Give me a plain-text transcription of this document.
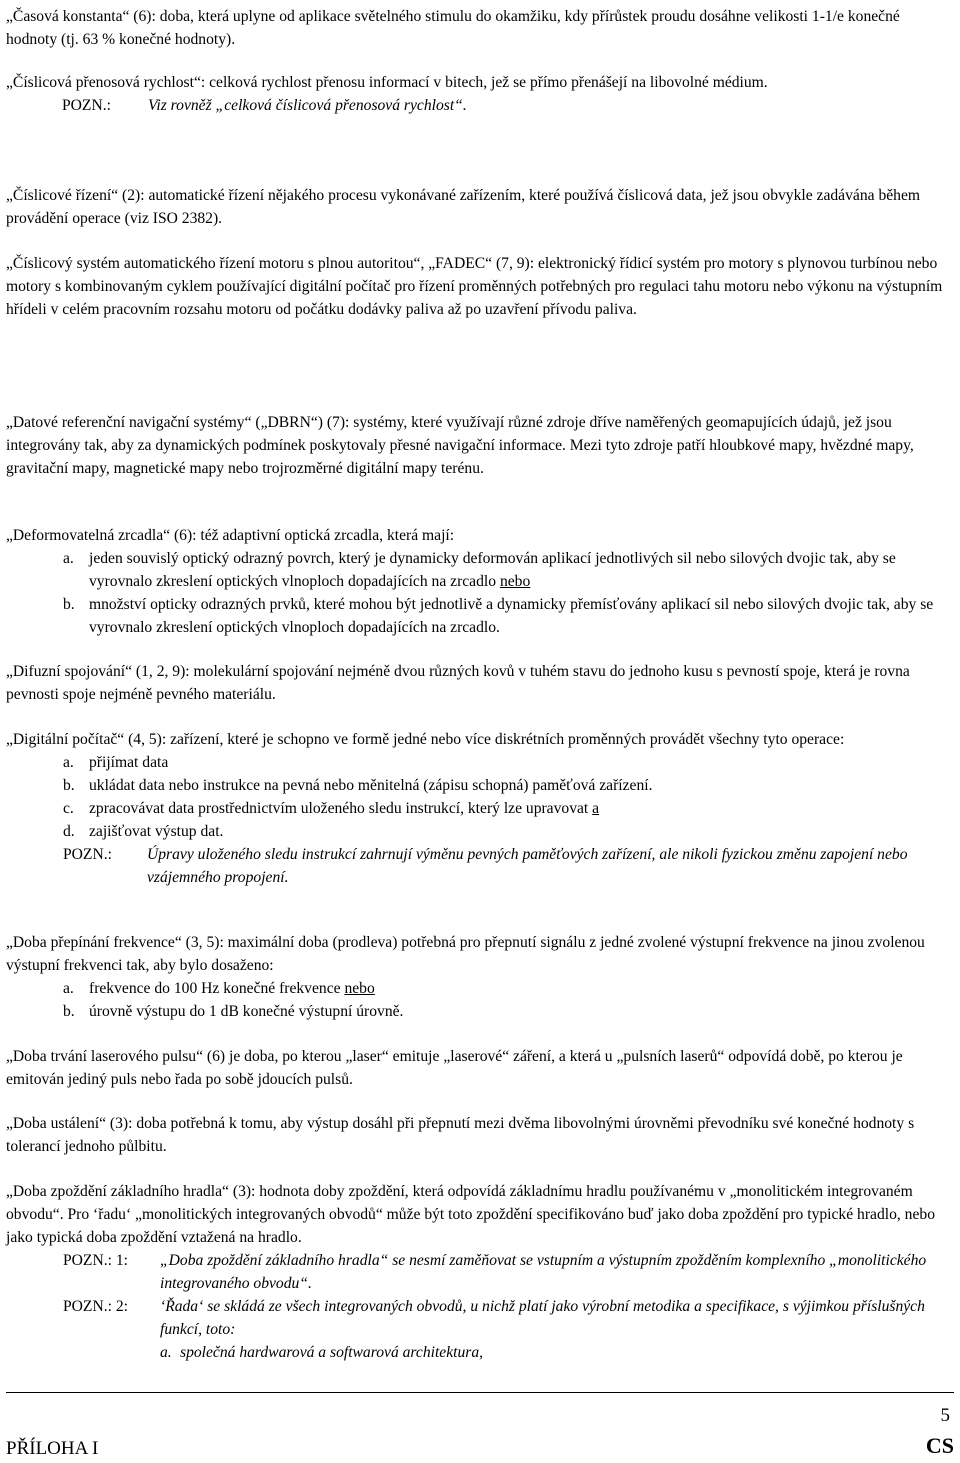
„Časová konstanta“ (6): doba, která uplyne od aplikace světelného stimulu do okamžiku, kdy přírůstek proudu dosáhne velikosti 1-1/e konečné hodnoty (tj. 63 % konečné hodnoty).

„Číslicová přenosová rychlost“: celková rychlost přenosu informací v bitech, jež se přímo přenášejí na libovolné médium.

POZN.:	Viz rovněž „celková číslicová přenosová rychlost“.

„Číslicové řízení“ (2): automatické řízení nějakého procesu vykonávané zařízením, které používá číslicová data, jež jsou obvykle zadávána během provádění operace (viz ISO 2382).

„Číslicový systém automatického řízení motoru s plnou autoritou“, „FADEC“ (7, 9): elektronický řídicí systém pro motory s plynovou turbínou nebo motory s kombinovaným cyklem používající digitální počítač pro řízení proměnných potřebných pro regulaci tahu motoru nebo výkonu na výstupním hřídeli v celém pracovním rozsahu motoru od počátku dodávky paliva až po uzavření přívodu paliva.

„Datové referenční navigační systémy“ („DBRN“) (7): systémy, které využívají různé zdroje dříve naměřených geomapujících údajů, jež jsou integrovány tak, aby za dynamických podmínek poskytovaly přesné navigační informace. Mezi tyto zdroje patří hloubkové mapy, hvězdné mapy, gravitační mapy, magnetické mapy nebo trojrozměrné digitální mapy terénu.

„Deformovatelná zrcadla“ (6): též adaptivní optická zrcadla, která mají:

a. jeden souvislý optický odrazný povrch, který je dynamicky deformován aplikací jednotlivých sil nebo silových dvojic tak, aby se vyrovnalo zkreslení optických vlnoploch dopadajících na zrcadlo nebo
b. množství opticky odrazných prvků, které mohou být jednotlivě a dynamicky přemísťovány aplikací sil nebo silových dvojic tak, aby se vyrovnalo zkreslení optických vlnoploch dopadajících na zrcadlo.

„Difuzní spojování“ (1, 2, 9): molekulární spojování nejméně dvou různých kovů v tuhém stavu do jednoho kusu s pevností spoje, která je rovna pevnosti spoje nejméně pevného materiálu.

„Digitální počítač“ (4, 5): zařízení, které je schopno ve formě jedné nebo více diskrétních proměnných provádět všechny tyto operace:

a. přijímat data
b. ukládat data nebo instrukce na pevná nebo měnitelná (zápisu schopná) paměťová zařízení.
c. zpracovávat data prostřednictvím uloženého sledu instrukcí, který lze upravovat a
d. zajišťovat výstup dat.
POZN.:	Úpravy uloženého sledu instrukcí zahrnují výměnu pevných paměťových zařízení, ale nikoli fyzickou změnu zapojení nebo vzájemného propojení.

„Doba přepínání frekvence“ (3, 5): maximální doba (prodleva) potřebná pro přepnutí signálu z jedné zvolené výstupní frekvence na jinou zvolenou výstupní frekvenci tak, aby bylo dosaženo:

a. frekvence do 100 Hz konečné frekvence nebo
b. úrovně výstupu do 1 dB konečné výstupní úrovně.

„Doba trvání laserového pulsu“ (6) je doba, po kterou „laser“ emituje „laserové“ záření, a která u „pulsních laserů“ odpovídá době, po kterou je emitován jediný puls nebo řada po sobě jdoucích pulsů.

„Doba ustálení“ (3): doba potřebná k tomu, aby výstup dosáhl při přepnutí mezi dvěma libovolnými úrovněmi převodníku své konečné hodnoty s tolerancí jednoho půlbitu.

„Doba zpoždění základního hradla“ (3): hodnota doby zpoždění, která odpovídá základnímu hradlu používanému v „monolitickém integrovaném obvodu“. Pro ‘řadu‘ „monolitických integrovaných obvodů“ může být toto zpoždění specifikováno buď jako doba zpoždění pro typické hradlo, nebo jako typická doba zpoždění vztažená na hradlo.

POZN.: 1:	„Doba zpoždění základního hradla“ se nesmí zaměňovat se vstupním a výstupním zpožděním komplexního „monolitického integrovaného obvodu“.
POZN.: 2:	‘Řada‘ se skládá ze všech integrovaných obvodů, u nichž platí jako výrobní metodika a specifikace, s výjimkou příslušných funkcí, toto:
a. společná hardwarová a softwarová architektura,
PŘÍLOHA I
5
CS
